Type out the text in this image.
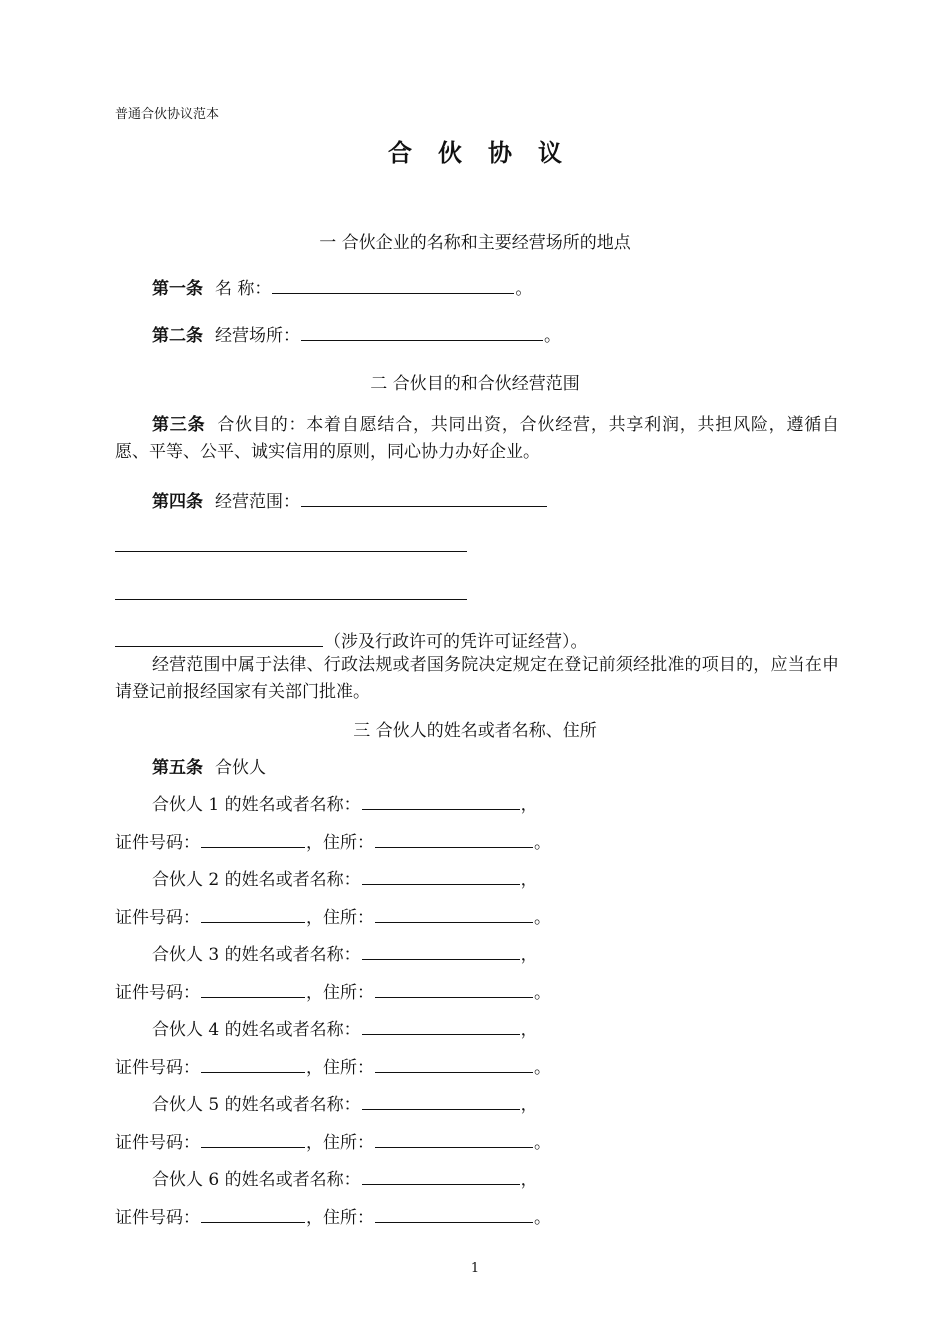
普通合伙协议范本
合伙协议
一 合伙企业的名称和主要经营场所的地点
第一条 名 称：	。
第二条 经营场所：	。
二 合伙目的和合伙经营范围
第三条 合伙目的：本着自愿结合，共同出资，合伙经营，共享利润，共担风险，遵循自愿、平等、公平、诚实信用的原则，同心协力办好企业。
第四条 经营范围：
（涉及行政许可的凭许可证经营）。
经营范围中属于法律、行政法规或者国务院决定规定在登记前须经批准的项目的，应当在申请登记前报经国家有关部门批准。
三 合伙人的姓名或者名称、住所
第五条 合伙人
合伙人 1 的姓名或者名称：	，
证件号码：	，住所：	。
合伙人 2 的姓名或者名称：	，
证件号码：	，住所：	。
合伙人 3 的姓名或者名称：	，
证件号码：	，住所：	。
合伙人 4 的姓名或者名称：	，
证件号码：	，住所：	。
合伙人 5 的姓名或者名称：	，
证件号码：	，住所：	。
合伙人 6 的姓名或者名称：	，
证件号码：	，住所：	。
1
